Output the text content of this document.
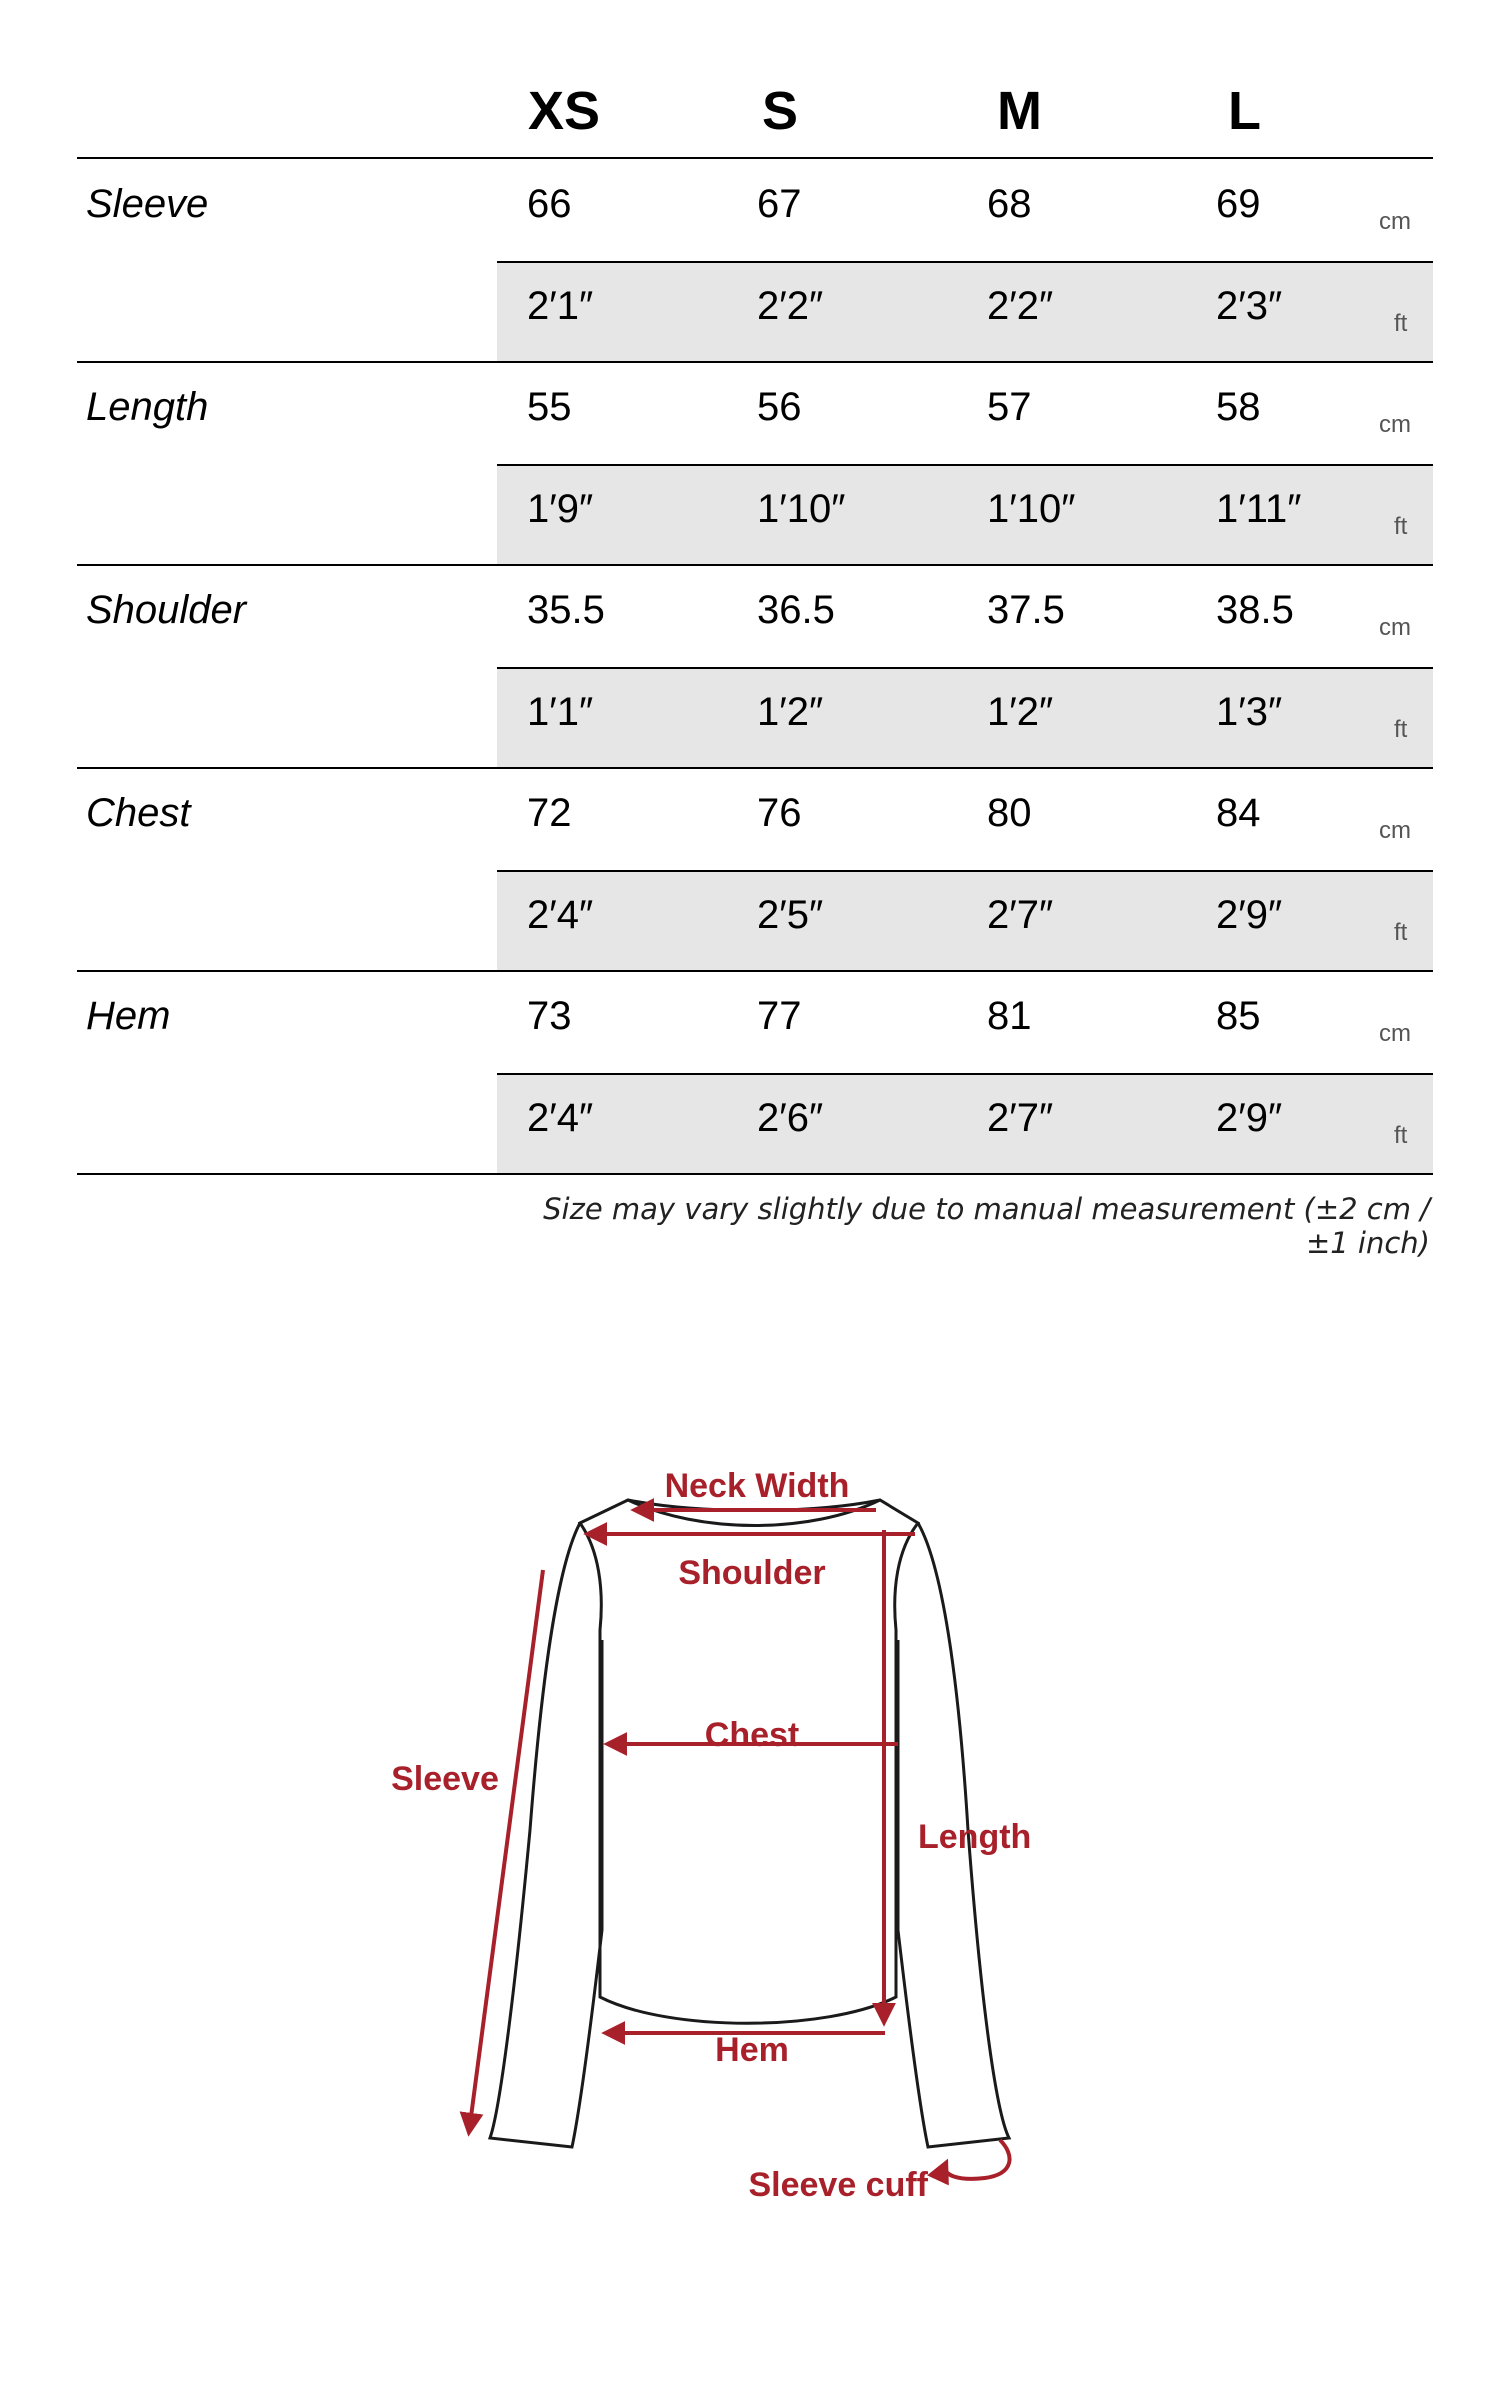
XS	S	M	L
Sleeve	66	67	68	69	cm
2′1″	2′2″	2′2″	2′3″	ft
Length	55	56	57	58	cm
1′9″	1′10″	1′10″	1′11″	ft
Shoulder	35.5	36.5	37.5	38.5	cm
1′1″	1′2″	1′2″	1′3″	ft
Chest	72	76	80	84	cm
2′4″	2′5″	2′7″	2′9″	ft
Hem	73	77	81	85	cm
2′4″	2′6″	2′7″	2′9″	ft
Size may vary slightly due to manual measurement (±2 cm / ±1 inch)
Neck Width
Shoulder
Chest
Sleeve
Length
Hem
Sleeve cuff
